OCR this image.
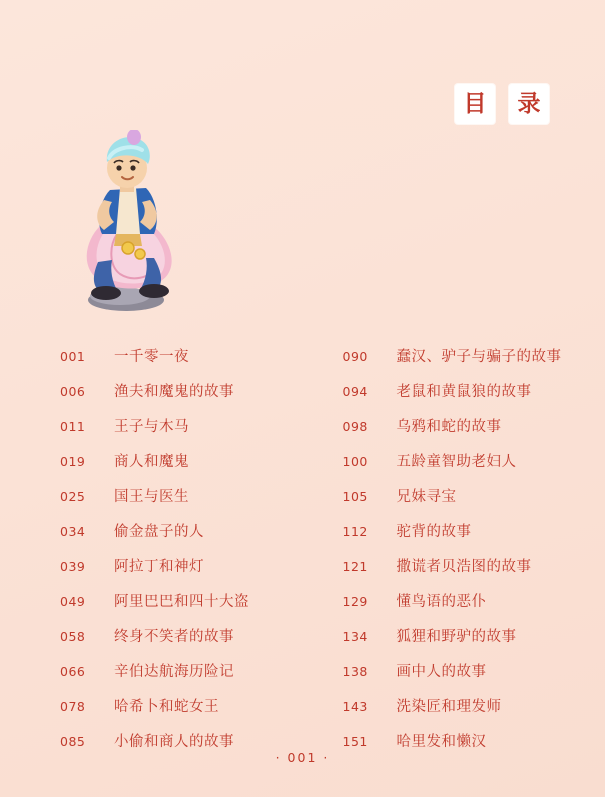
目	录
001	一千零一夜
006	渔夫和魔鬼的故事
011	王子与木马
019	商人和魔鬼
025	国王与医生
034	偷金盘子的人
039	阿拉丁和神灯
049	阿里巴巴和四十大盗
058	终身不笑者的故事
066	辛伯达航海历险记
078	哈希卜和蛇女王
085	小偷和商人的故事
090	蠢汉、驴子与骗子的故事
094	老鼠和黄鼠狼的故事
098	乌鸦和蛇的故事
100	五龄童智助老妇人
105	兄妹寻宝
112	驼背的故事
121	撒谎者贝浩图的故事
129	懂鸟语的恶仆
134	狐狸和野驴的故事
138	画中人的故事
143	洗染匠和理发师
151	哈里发和懒汉
· 001 ·
